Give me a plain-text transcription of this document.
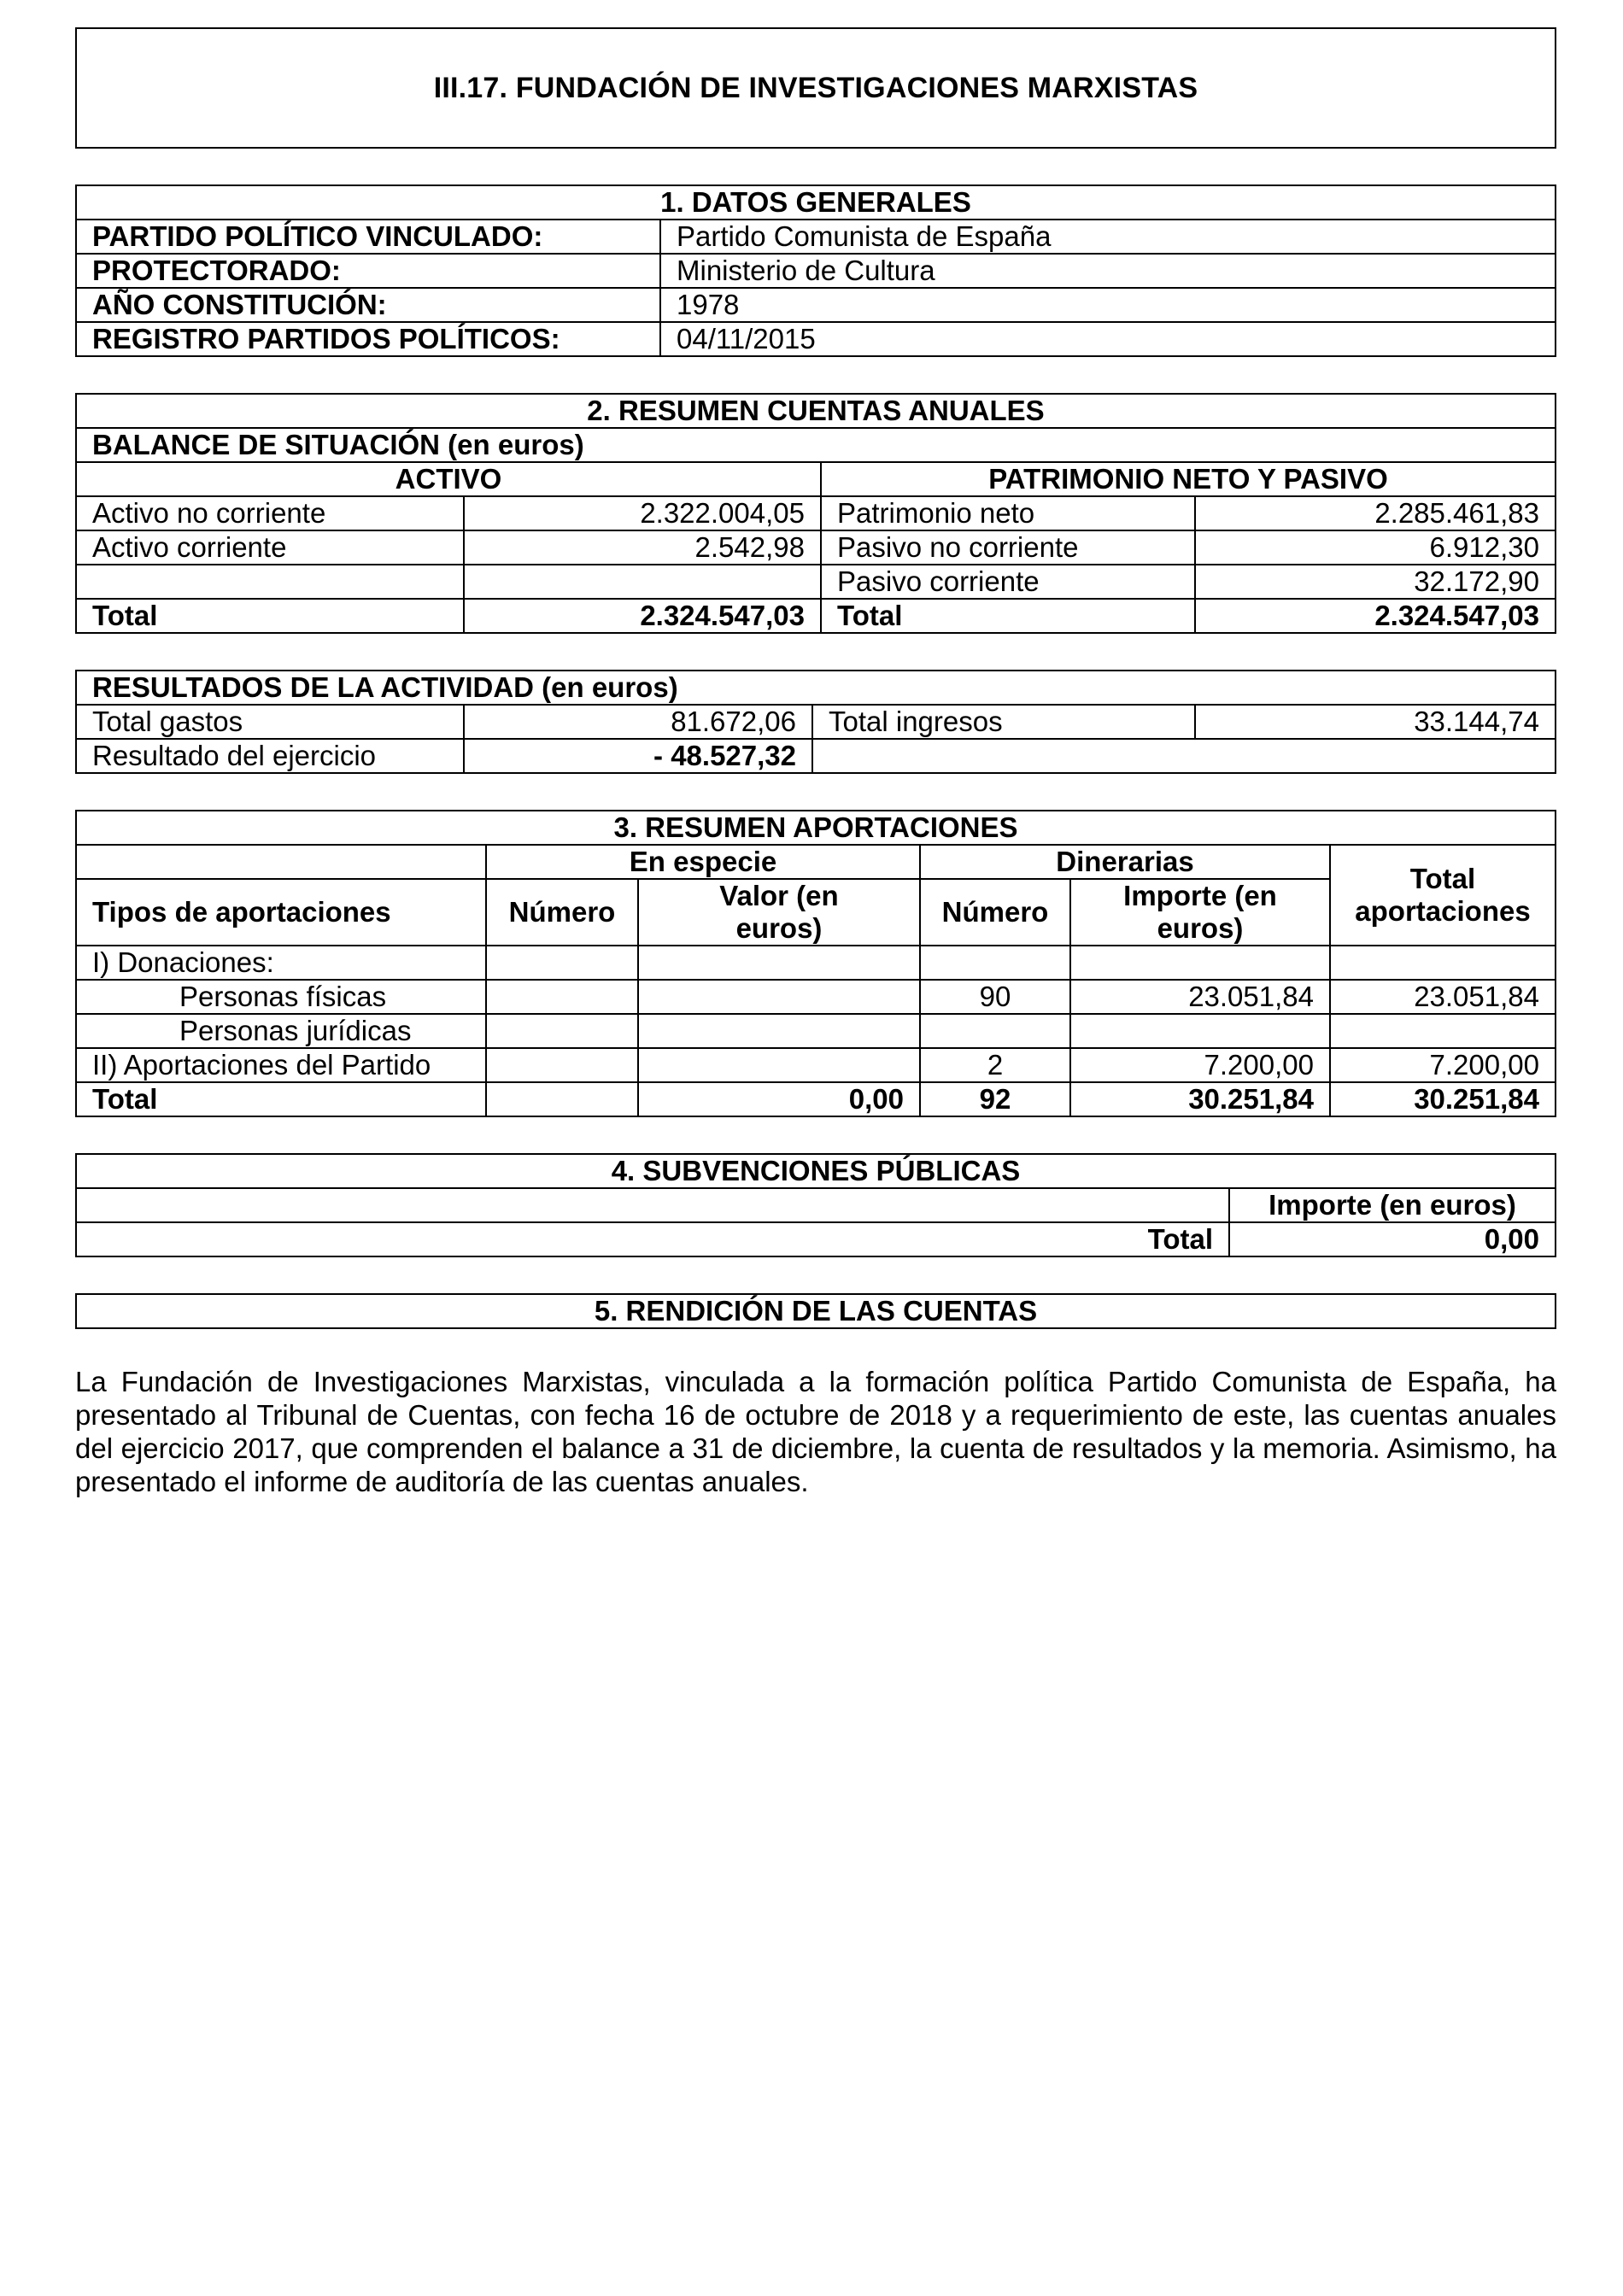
III.17. FUNDACIÓN DE INVESTIGACIONES MARXISTAS
1. DATOS GENERALES	
PARTIDO POLÍTICO VINCULADO:	Partido Comunista de España
PROTECTORADO:	Ministerio de Cultura
AÑO CONSTITUCIÓN:	1978
REGISTRO PARTIDOS POLÍTICOS:	04/11/2015
2. RESUMEN CUENTAS ANUALES			
BALANCE DE SITUACIÓN (en euros)			
ACTIVO		PATRIMONIO NETO Y PASIVO	
Activo no corriente	2.322.004,05	Patrimonio neto	2.285.461,83
Activo corriente	2.542,98	Pasivo no corriente	6.912,30
		Pasivo corriente	32.172,90
Total	2.324.547,03	Total	2.324.547,03
RESULTADOS DE LA ACTIVIDAD (en euros)			
Total gastos	81.672,06	Total ingresos	33.144,74
Resultado del ejercicio	- 48.527,32		
3. RESUMEN APORTACIONES					
	En especie		Dinerarias		Total aportaciones
Tipos de aportaciones	Número	Valor (en euros)	Número	Importe (en euros)	
I) Donaciones:					
Personas físicas			90	23.051,84	23.051,84
Personas jurídicas					
II) Aportaciones del Partido			2	7.200,00	7.200,00
Total		0,00	92	30.251,84	30.251,84
4. SUBVENCIONES PÚBLICAS	
	Importe (en euros)
Total	0,00
5. RENDICIÓN DE LAS CUENTAS

La Fundación de Investigaciones Marxistas, vinculada a la formación política Partido Comunista de España, ha presentado al Tribunal de Cuentas, con fecha 16 de octubre de 2018 y a requerimiento de este, las cuentas anuales del ejercicio 2017, que comprenden el balance a 31 de diciembre, la cuenta de resultados y la memoria. Asimismo, ha presentado el informe de auditoría de las cuentas anuales.
